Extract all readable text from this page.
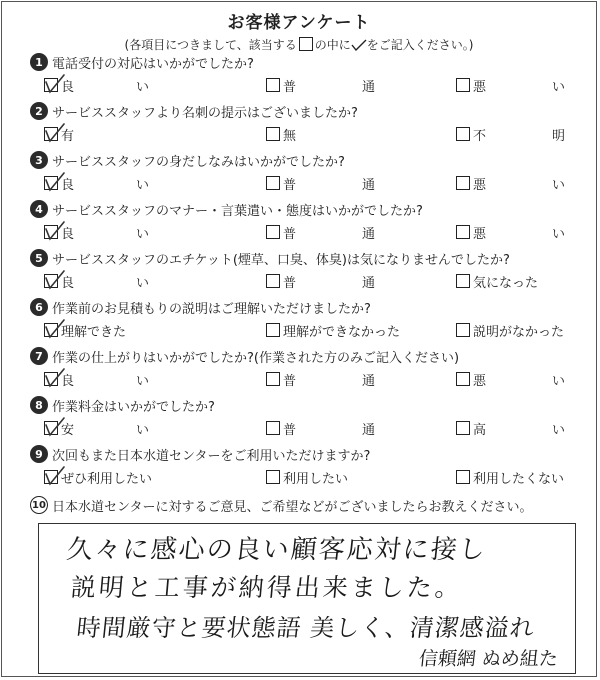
お客様アンケート
(各項目につきまして、該当する の中に をご記入ください。)
1 電話受付の対応はいかがでしたか?
良 い	普 通	悪 い
2 サービススタッフより名刺の提示はございましたか?
有	無	不 明
3 サービススタッフの身だしなみはいかがでしたか?
良 い	普 通	悪 い
4 サービススタッフのマナー・言葉遣い・態度はいかがでしたか?
良 い	普 通	悪 い
5 サービススタッフのエチケット(煙草、口臭、体臭)は気になりませんでしたか?
良 い	普 通	気になった
6 作業前のお見積もりの説明はご理解いただけましたか?
理解できた	理解ができなかった	説明がなかった
7 作業の仕上がりはいかがでしたか?(作業された方のみご記入ください)
良 い	普 通	悪 い
8 作業料金はいかがでしたか?
安 い	普 通	高 い
9 次回もまた日本水道センターをご利用いただけますか?
ぜひ利用したい	利用したい	利用したくない
10 日本水道センターに対するご意見、ご希望などがございましたらお教えください。
久々に感心の良い顧客応対に接し
説明と工事が納得出来ました。
時間厳守と要状態語 美しく、清潔感溢れ
信頼網 ぬめ組た
